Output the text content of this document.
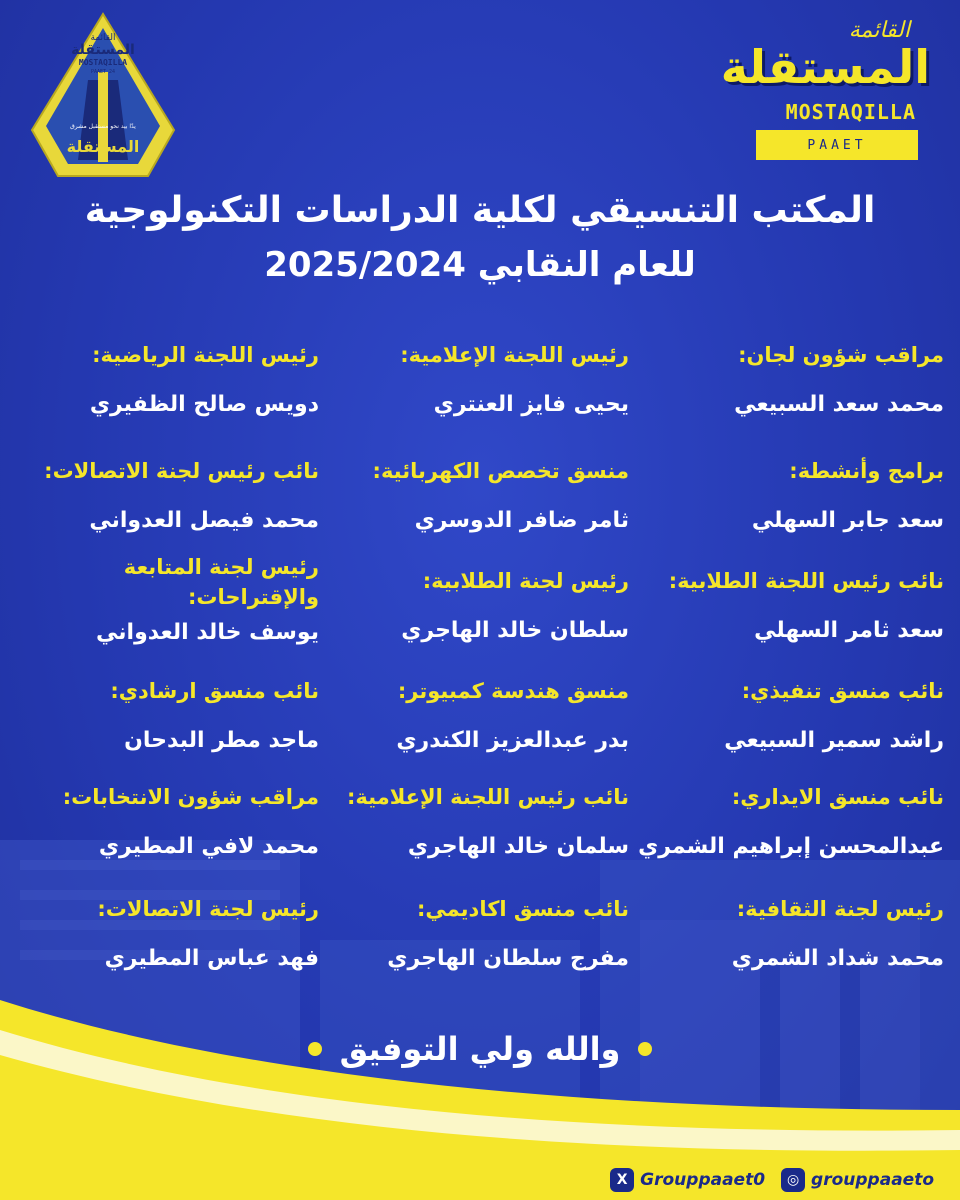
القائمة
المستقلة
MOSTAQILLA
PAAET 24
يدًا بيد نحو مستقبل مشرق
المستقلة
القائمة
المستقلة
MOSTAQILLA
PAAET
المكتب التنسيقي لكلية الدراسات التكنولوجية
للعام النقابي 2025/2024
مراقب شؤون لجان:
محمد سعد السبيعي
برامج وأنشطة:
سعد جابر السهلي
نائب رئيس اللجنة الطلابية:
سعد ثامر السهلي
نائب منسق تنفيذي:
راشد سمير السبيعي
نائب منسق الايداري:
عبدالمحسن إبراهيم الشمري
رئيس لجنة الثقافية:
محمد شداد الشمري
رئيس اللجنة الإعلامية:
يحيى فايز العنتري
منسق تخصص الكهربائية:
ثامر ضافر الدوسري
رئيس لجنة الطلابية:
سلطان خالد الهاجري
منسق هندسة كمبيوتر:
بدر عبدالعزيز الكندري
نائب رئيس اللجنة الإعلامية:
سلمان خالد الهاجري
نائب منسق اكاديمي:
مفرج سلطان الهاجري
رئيس اللجنة الرياضية:
دويس صالح الظفيري
نائب رئيس لجنة الاتصالات:
محمد فيصل العدواني
رئيس لجنة المتابعة والإقتراحات:
يوسف خالد العدواني
نائب منسق ارشادي:
ماجد مطر البدحان
مراقب شؤون الانتخابات:
محمد لافي المطيري
رئيس لجنة الاتصالات:
فهد عباس المطيري
والله ولي التوفيق
X Grouppaaet0	◎ grouppaaeto
